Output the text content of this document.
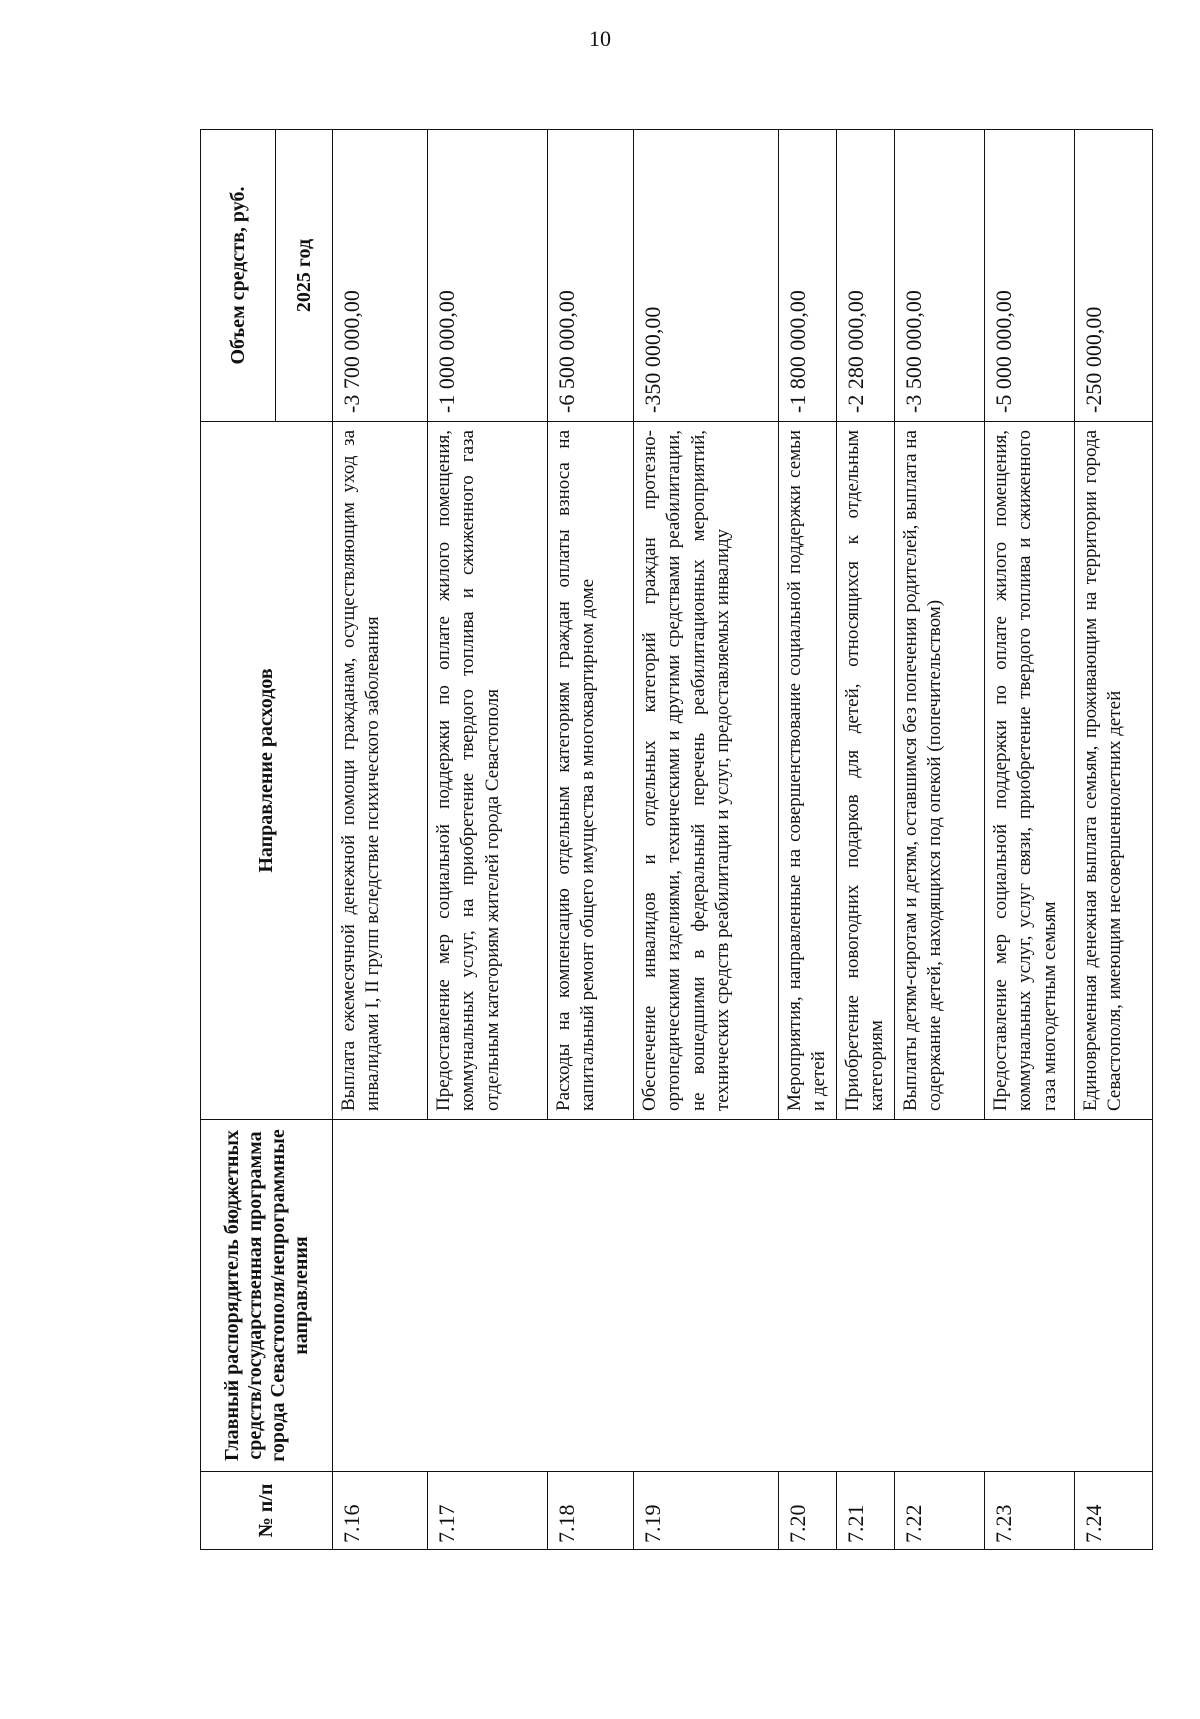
10
№ п/п	Главный распорядитель бюджетных средств/государственная программа города Севастополя/непрограммные направления	Направление расходов	Объем средств, руб.
			2025 год
7.16		Выплата ежемесячной денежной помощи гражданам, осуществляющим уход за инвалидами I, II групп вследствие психического заболевания	-3 700 000,00
7.17		Предоставление мер социальной поддержки по оплате жилого помещения, коммунальных услуг, на приобретение твердого топлива и сжиженного газа отдельным категориям жителей города Севастополя	-1 000 000,00
7.18		Расходы на компенсацию отдельным категориям граждан оплаты взноса на капитальный ремонт общего имущества в многоквартирном доме	-6 500 000,00
7.19		Обеспечение инвалидов и отдельных категорий граждан протезно-ортопедическими изделиями, техническими и другими средствами реабилитации, не вошедшими в федеральный перечень реабилитационных мероприятий, технических средств реабилитации и услуг, предоставляемых инвалиду	-350 000,00
7.20		Мероприятия, направленные на совершенствование социальной поддержки семьи и детей	-1 800 000,00
7.21		Приобретение новогодних подарков для детей, относящихся к отдельным категориям	-2 280 000,00
7.22		Выплаты детям-сиротам и детям, оставшимся без попечения родителей, выплата на содержание детей, находящихся под опекой (попечительством)	-3 500 000,00
7.23		Предоставление мер социальной поддержки по оплате жилого помещения, коммунальных услуг, услуг связи, приобретение твердого топлива и сжиженного газа многодетным семьям	-5 000 000,00
7.24		Единовременная денежная выплата семьям, проживающим на территории города Севастополя, имеющим несовершеннолетних детей	-250 000,00
